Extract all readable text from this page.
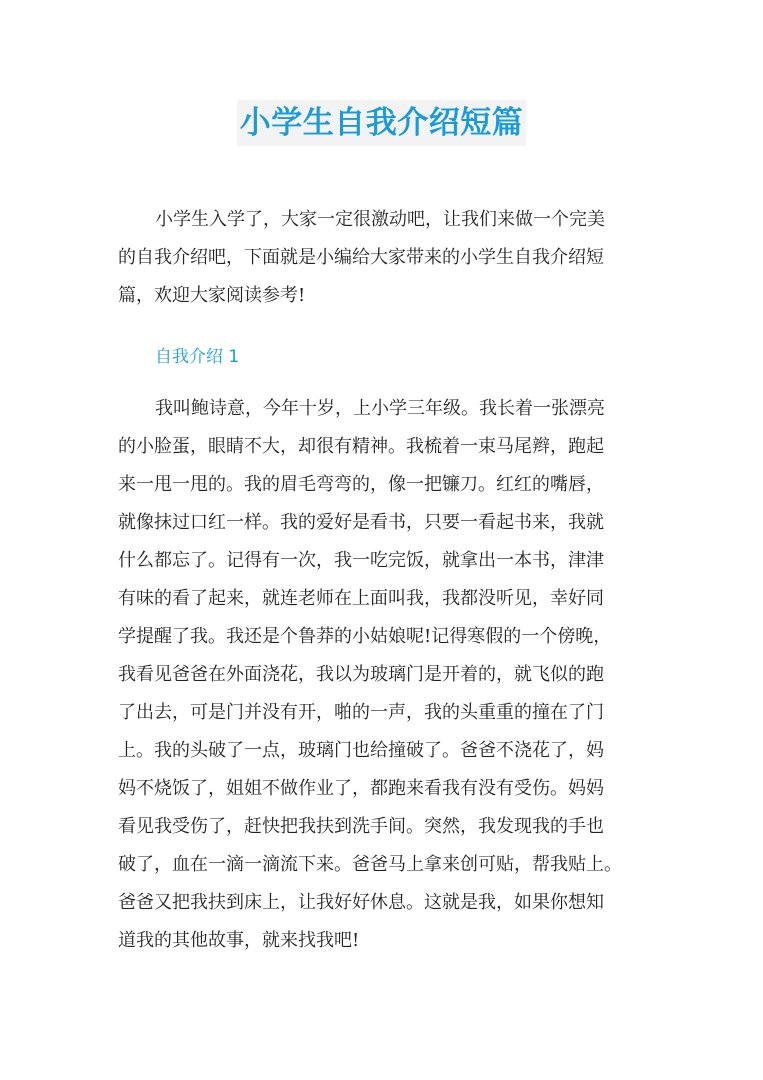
小学生自我介绍短篇
小学生入学了，大家一定很激动吧，让我们来做一个完美
的自我介绍吧，下面就是小编给大家带来的小学生自我介绍短
篇，欢迎大家阅读参考!
自我介绍 1
我叫鲍诗意，今年十岁，上小学三年级。我长着一张漂亮
的小脸蛋，眼睛不大，却很有精神。我梳着一束马尾辫，跑起
来一甩一甩的。我的眉毛弯弯的，像一把镰刀。红红的嘴唇，
就像抹过口红一样。我的爱好是看书，只要一看起书来，我就
什么都忘了。记得有一次，我一吃完饭，就拿出一本书，津津
有味的看了起来，就连老师在上面叫我，我都没听见，幸好同
学提醒了我。我还是个鲁莽的小姑娘呢!记得寒假的一个傍晚，
我看见爸爸在外面浇花，我以为玻璃门是开着的，就飞似的跑
了出去，可是门并没有开，啪的一声，我的头重重的撞在了门
上。我的头破了一点，玻璃门也给撞破了。爸爸不浇花了，妈
妈不烧饭了，姐姐不做作业了，都跑来看我有没有受伤。妈妈
看见我受伤了，赶快把我扶到洗手间。突然，我发现我的手也
破了，血在一滴一滴流下来。爸爸马上拿来创可贴，帮我贴上。
爸爸又把我扶到床上，让我好好休息。这就是我，如果你想知
道我的其他故事，就来找我吧!
